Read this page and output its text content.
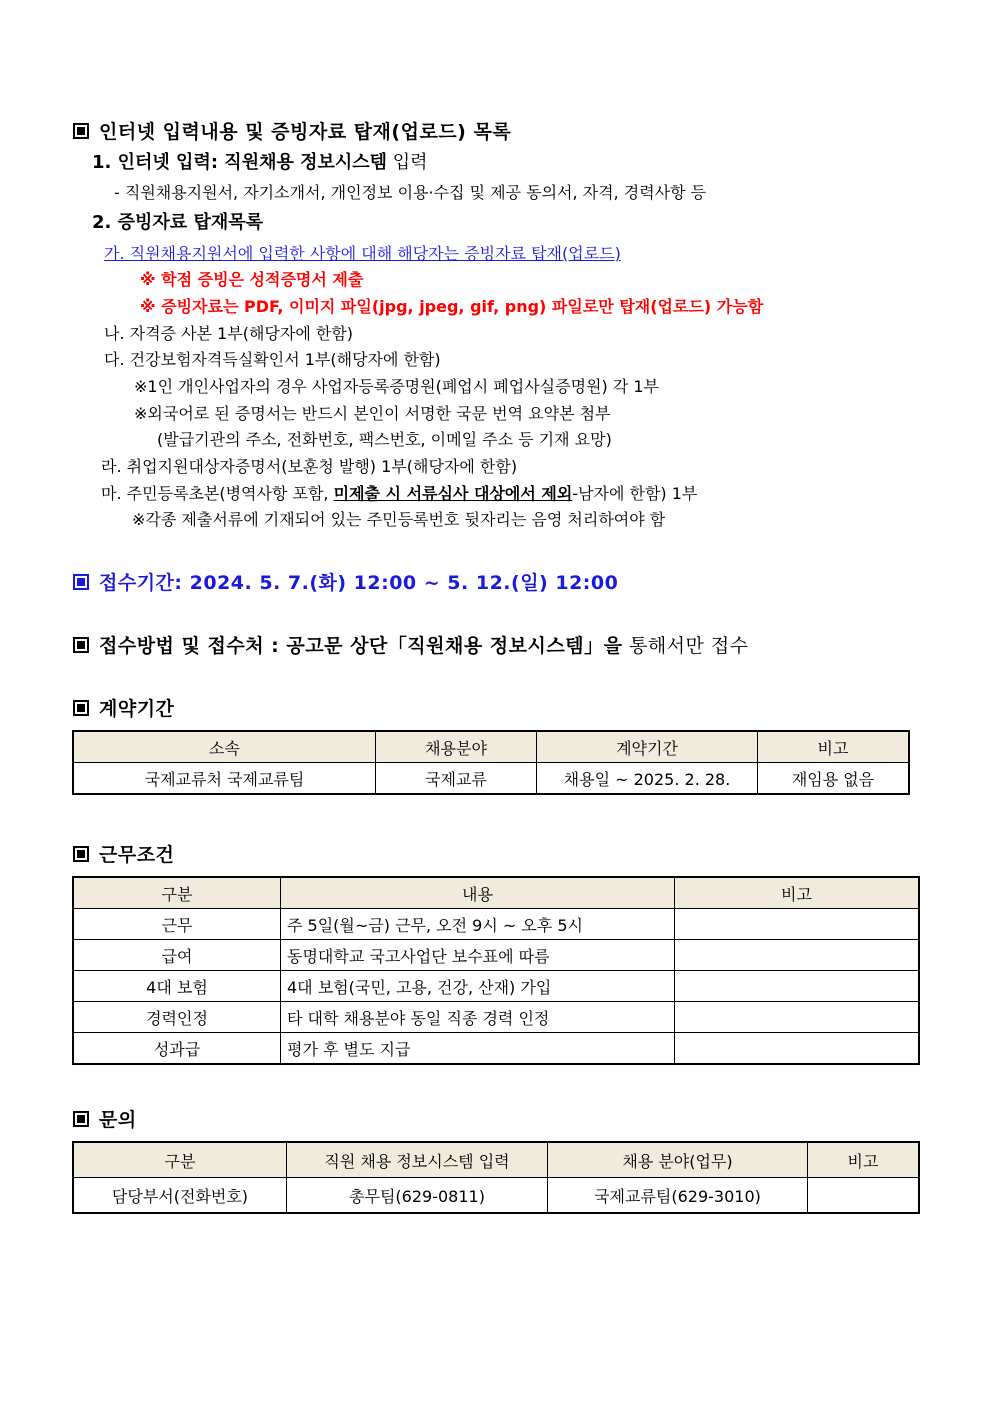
인터넷 입력내용 및 증빙자료 탑재(업로드) 목록
1. 인터넷 입력: 직원채용 정보시스템 입력
- 직원채용지원서, 자기소개서, 개인정보 이용·수집 및 제공 동의서, 자격, 경력사항 등
2. 증빙자료 탑재목록
가. 직원채용지원서에 입력한 사항에 대해 해당자는 증빙자료 탑재(업로드)
※ 학점 증빙은 성적증명서 제출
※ 증빙자료는 PDF, 이미지 파일(jpg, jpeg, gif, png) 파일로만 탑재(업로드) 가능함
나. 자격증 사본 1부(해당자에 한함)
다. 건강보험자격득실확인서 1부(해당자에 한함)
※1인 개인사업자의 경우 사업자등록증명원(폐업시 폐업사실증명원) 각 1부
※외국어로 된 증명서는 반드시 본인이 서명한 국문 번역 요약본 첨부
(발급기관의 주소, 전화번호, 팩스번호, 이메일 주소 등 기재 요망)
라. 취업지원대상자증명서(보훈청 발행) 1부(해당자에 한함)
마. 주민등록초본(병역사항 포함, 미제출 시 서류심사 대상에서 제외-남자에 한함) 1부
※각종 제출서류에 기재되어 있는 주민등록번호 뒷자리는 음영 처리하여야 함
접수기간: 2024. 5. 7.(화) 12:00 ~ 5. 12.(일) 12:00
접수방법 및 접수처 : 공고문 상단「직원채용 정보시스템」을 통해서만 접수
계약기간
소속	채용분야	계약기간	비고
국제교류처 국제교류팀	국제교류	채용일 ~ 2025. 2. 28.	재임용 없음
근무조건
구분	내용	비고
근무	주 5일(월~금) 근무, 오전 9시 ~ 오후 5시	
급여	동명대학교 국고사업단 보수표에 따름	
4대 보험	4대 보험(국민, 고용, 건강, 산재) 가입	
경력인정	타 대학 채용분야 동일 직종 경력 인정	
성과급	평가 후 별도 지급	
문의
구분	직원 채용 정보시스템 입력	채용 분야(업무)	비고
담당부서(전화번호)	총무팀(629-0811)	국제교류팀(629-3010)	
